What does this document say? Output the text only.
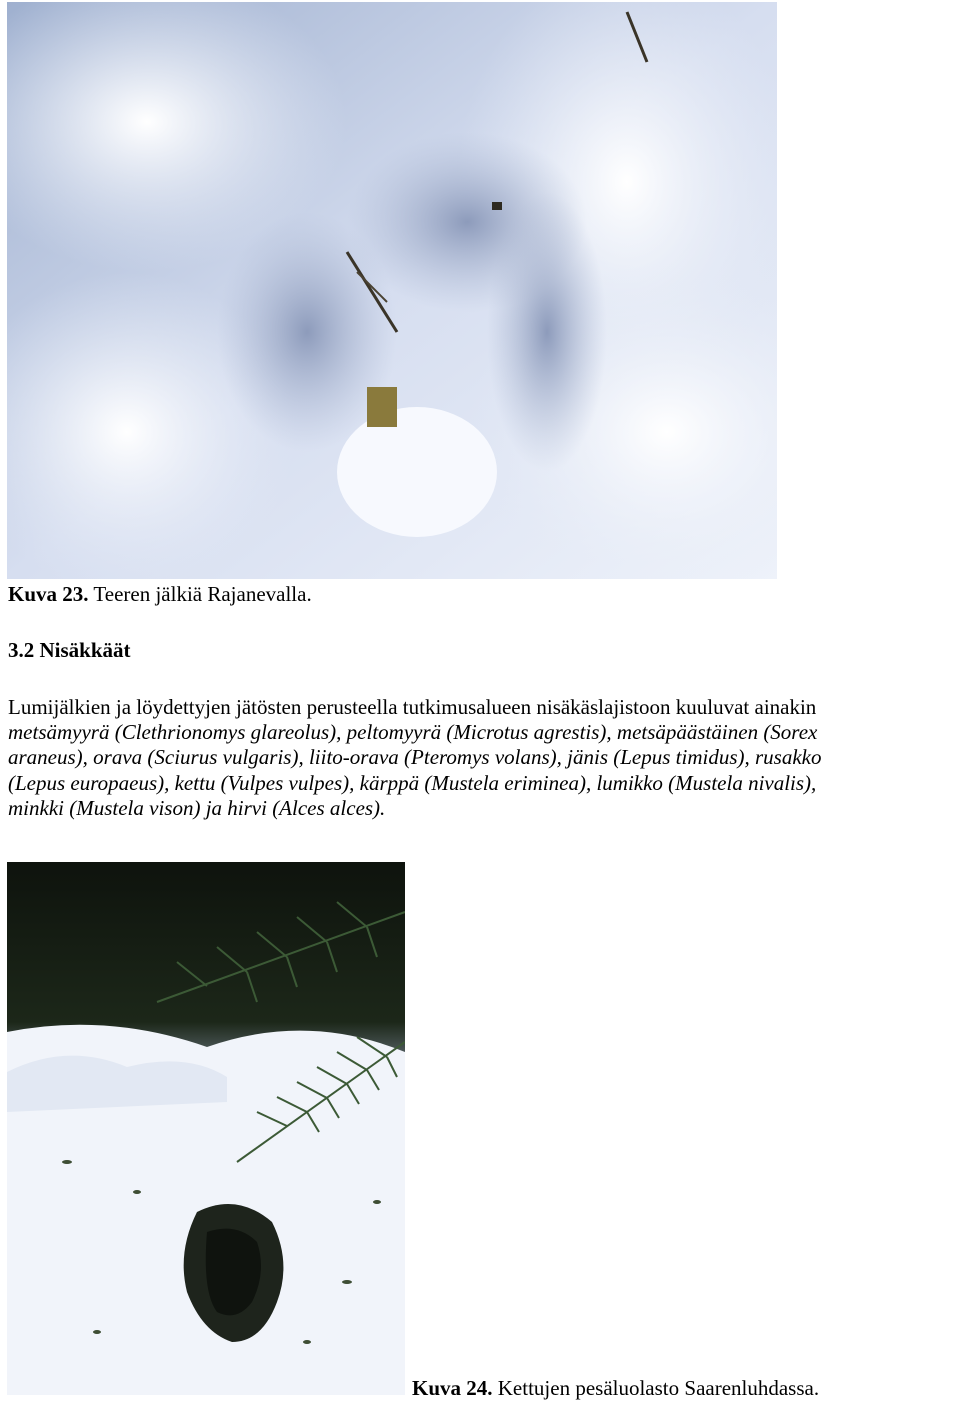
Kuva 23. Teeren jälkiä Rajanevalla.
3.2 Nisäkkäät

Lumijälkien ja löydettyjen jätösten perusteella tutkimusalueen nisäkäslajistoon kuuluvat ainakin
metsämyyrä (Clethrionomys glareolus), peltomyyrä (Microtus agrestis), metsäpäästäinen (Sorex
araneus), orava (Sciurus vulgaris), liito-orava (Pteromys volans), jänis (Lepus timidus), rusakko
(Lepus europaeus), kettu (Vulpes vulpes), kärppä (Mustela eriminea), lumikko (Mustela nivalis),
minkki (Mustela vison) ja hirvi (Alces alces).

Kuva 24. Kettujen pesäluolasto Saarenluhdassa.
